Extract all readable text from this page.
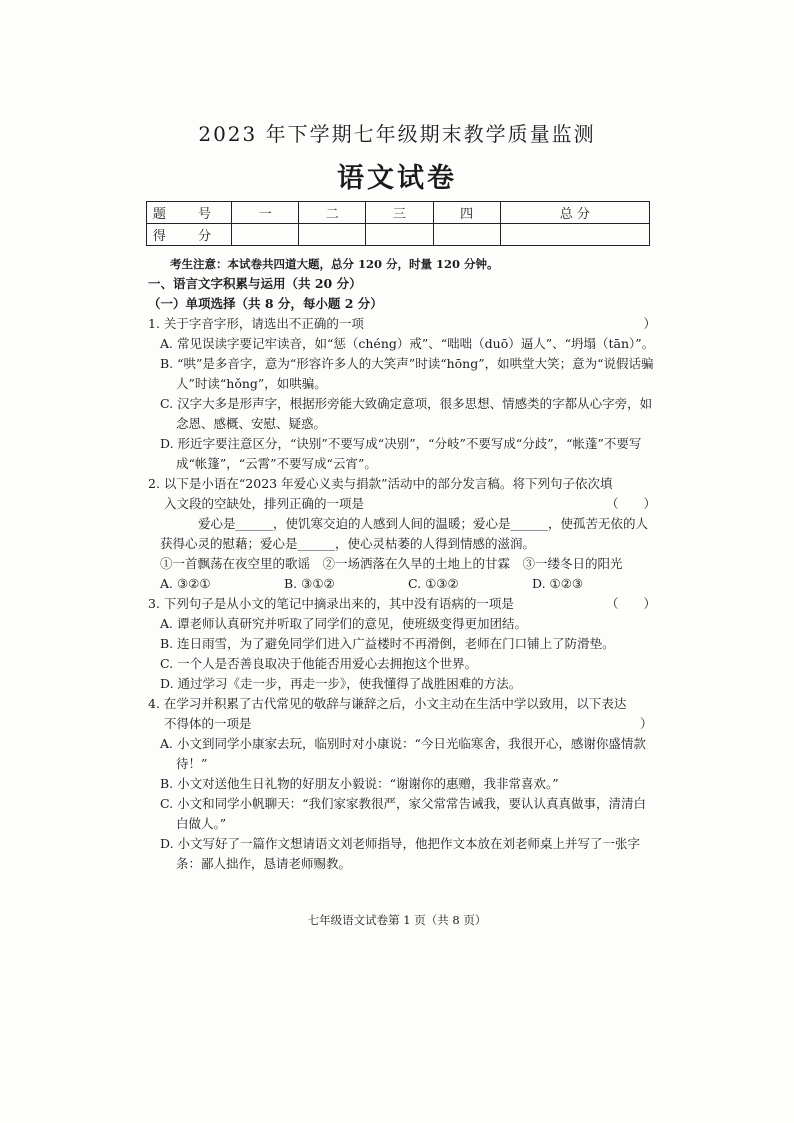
2023 年下学期七年级期末教学质量监测
语文试卷
题 号	一	二	三	四	总 分
得 分					
考生注意：本试卷共四道大题，总分 120 分，时量 120 分钟。

一、语言文字积累与运用（共 20 分）

（一）单项选择（共 8 分，每小题 2 分）

1. 关于字音字形，请选出不正确的一项	）

A. 常见误读字要记牢读音，如“惩（chéng）戒”、“咄咄（duō）逼人”、“坍塌（tān）”。

B. “哄”是多音字，意为“形容许多人的大笑声”时读“hōng”，如哄堂大笑；意为“说假话骗人”时读“hǒng”，如哄骗。

C. 汉字大多是形声字，根据形旁能大致确定意项，很多思想、情感类的字都从心字旁，如念恩、感概、安慰、疑惑。

D. 形近字要注意区分，“诀别”不要写成“决别”，“分岐”不要写成“分歧”，“帐蓬”不要写成“帐篷”，“云霄”不要写成“云宵”。

2. 以下是小语在“2023 年爱心义卖与捐款”活动中的部分发言稿。将下列句子依次填入文段的空缺处，排列正确的一项是	（　　）

爱心是______，使饥寒交迫的人感到人间的温暖；爱心是______，使孤苦无依的人获得心灵的慰藉；爱心是______，使心灵枯萎的人得到情感的滋润。

①一首飘荡在夜空里的歌谣　②一场洒落在久旱的土地上的甘霖　③一缕冬日的阳光

A. ③②①	B. ③①②	C. ①③②	D. ①②③

3. 下列句子是从小文的笔记中摘录出来的，其中没有语病的一项是	（　　）

A. 谭老师认真研究并听取了同学们的意见，使班级变得更加团结。

B. 连日雨雪，为了避免同学们进入广益楼时不再滑倒，老师在门口铺上了防滑垫。

C. 一个人是否善良取决于他能否用爱心去拥抱这个世界。

D. 通过学习《走一步，再走一步》，使我懂得了战胜困难的方法。

4. 在学习并积累了古代常见的敬辞与谦辞之后，小文主动在生活中学以致用，以下表达不得体的一项是	）

A. 小文到同学小康家去玩，临别时对小康说：“今日光临寒舍，我很开心，感谢你盛情款待！”

B. 小文对送他生日礼物的好朋友小毅说：“谢谢你的惠赠，我非常喜欢。”

C. 小文和同学小帆聊天：“我们家家教很严，家父常常告诫我，要认认真真做事，清清白白做人。”

D. 小文写好了一篇作文想请语文刘老师指导，他把作文本放在刘老师桌上并写了一张字条：鄙人拙作，恳请老师赐教。

七年级语文试卷第 1 页（共 8 页）
